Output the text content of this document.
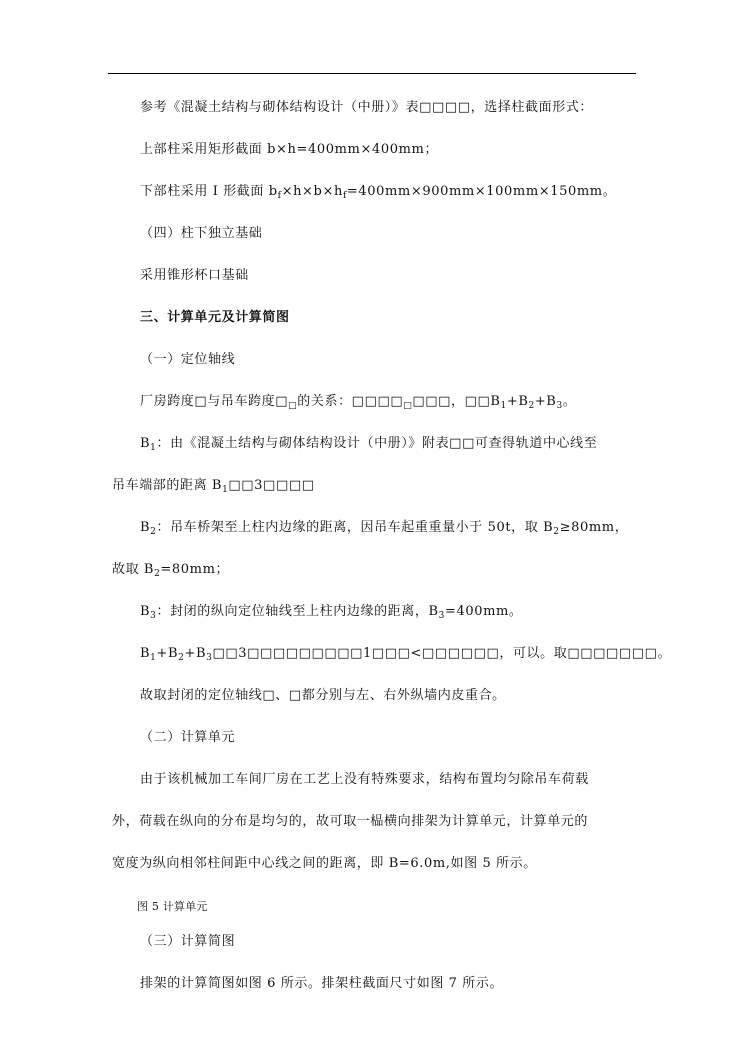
参考《混凝土结构与砌体结构设计（中册）》表□□□□，选择柱截面形式：
上部柱采用矩形截面 b×h=400mm×400mm；
下部柱采用 I 形截面 $b_f\times h\times b\times h_f=400mm\times 900mm\times 100mm\times 150mm$。
（四）柱下独立基础
采用锥形杯口基础
三、计算单元及计算简图
（一）定位轴线
厂房跨度□与吊车跨度$□_□$的关系：$□□□□_□□□□$，$□□B_1+B_2+B_3$。
$B_1$：由《混凝土结构与砌体结构设计（中册）》附表□□可查得轨道中心线至
吊车端部的距离 $B_1□□3□□□□$
$B_2$：吊车桥架至上柱内边缘的距离，因吊车起重重量小于 50t，取 $B_2\ge 80mm$，
故取 $B_2=80mm$；
$B_3$：封闭的纵向定位轴线至上柱内边缘的距离，$B_3=400mm$。
$B_1+B_2+B_3□□3□□□□□□□□□1□□□<□□□□□□$，可以。取□□□□□□□。
故取封闭的定位轴线□、□都分别与左、右外纵墙内皮重合。
（二）计算单元
由于该机械加工车间厂房在工艺上没有特殊要求，结构布置均匀除吊车荷载
外，荷载在纵向的分布是均匀的，故可取一榀横向排架为计算单元，计算单元的
宽度为纵向相邻柱间距中心线之间的距离，即 B=6.0m,如图 5 所示。
图 5 计算单元
（三）计算简图
排架的计算简图如图 6 所示。排架柱截面尺寸如图 7 所示。
